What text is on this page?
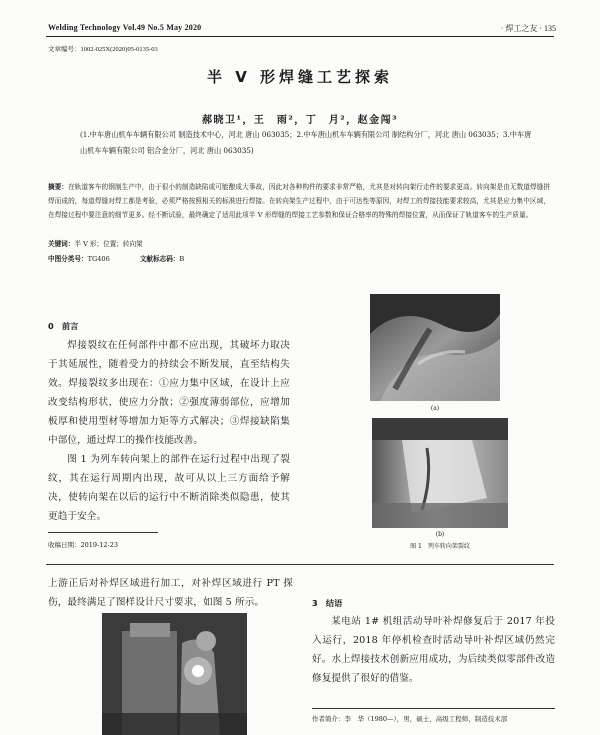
Welding Technology Vol.49 No.5 May 2020	· 焊工之友 · 135
文章编号：1002-025X(2020)05-0135-03
半 V 形焊缝工艺探索
郝晓卫¹，王　雨²，丁　月²，赵金闯³
(1.中车唐山机车车辆有限公司 制造技术中心，河北 唐山 063035；2.中车唐山机车车辆有限公司 制结构分厂，河北 唐山 063035；3.中车唐山机车车辆有限公司 铝合金分厂，河北 唐山 063035)
摘要：在轨道客车的钢制生产中，由于很小的制造缺陷或可能酿成大事故，因此对各种构件的要求非常严格，尤其是对转向架行走件的要求更高。转向架是由无数道焊缝拼焊而成的，每道焊缝对焊工都是考验，必须严格按照相关的标准进行焊接。在转向架生产过程中，由于可达性等原因，对焊工的焊接技能要求较高，尤其是应力集中区域，在焊接过程中要注意的细节更多。经不断试验，最终确定了适用此项半 V 形焊缝的焊接工艺参数和保证合格率的特殊的焊接位置，从而保证了轨道客车的生产质量。
关键词：半 V 形；位置；转向架
中图分类号：TG406	文献标志码：B
0　前言

焊接裂纹在任何部件中都不应出现，其破坏力取决于其延展性，随着受力的持续会不断发展，直至结构失效。焊接裂纹多出现在：①应力集中区域，在设计上应改变结构形状，使应力分散；②强度薄弱部位，应增加板厚和使用型材等增加力矩等方式解决；③焊接缺陷集中部位，通过焊工的操作技能改善。

图 1 为列车转向架上的部件在运行过程中出现了裂纹，其在运行周期内出现，故可从以上三方面给予解决，使转向架在以后的运行中不断消除类似隐患，使其更趋于安全。

(a)
(b)
图 1　列车转向架裂纹
收稿日期：2019-12-23

上游正后对补焊区域进行加工，对补焊区域进行 PT 探伤，最终满足了图样设计尺寸要求，如图 5 所示。	3　结语

某电站 1# 机组活动导叶补焊修复后于 2017 年投入运行，2018 年停机检查时活动导叶补焊区域仍然完好。水上焊接技术创新应用成功，为后续类似零部件改造修复提供了很好的借鉴。

作者简介：李　华（1980—），男，硕士，高级工程师，制造技术部
